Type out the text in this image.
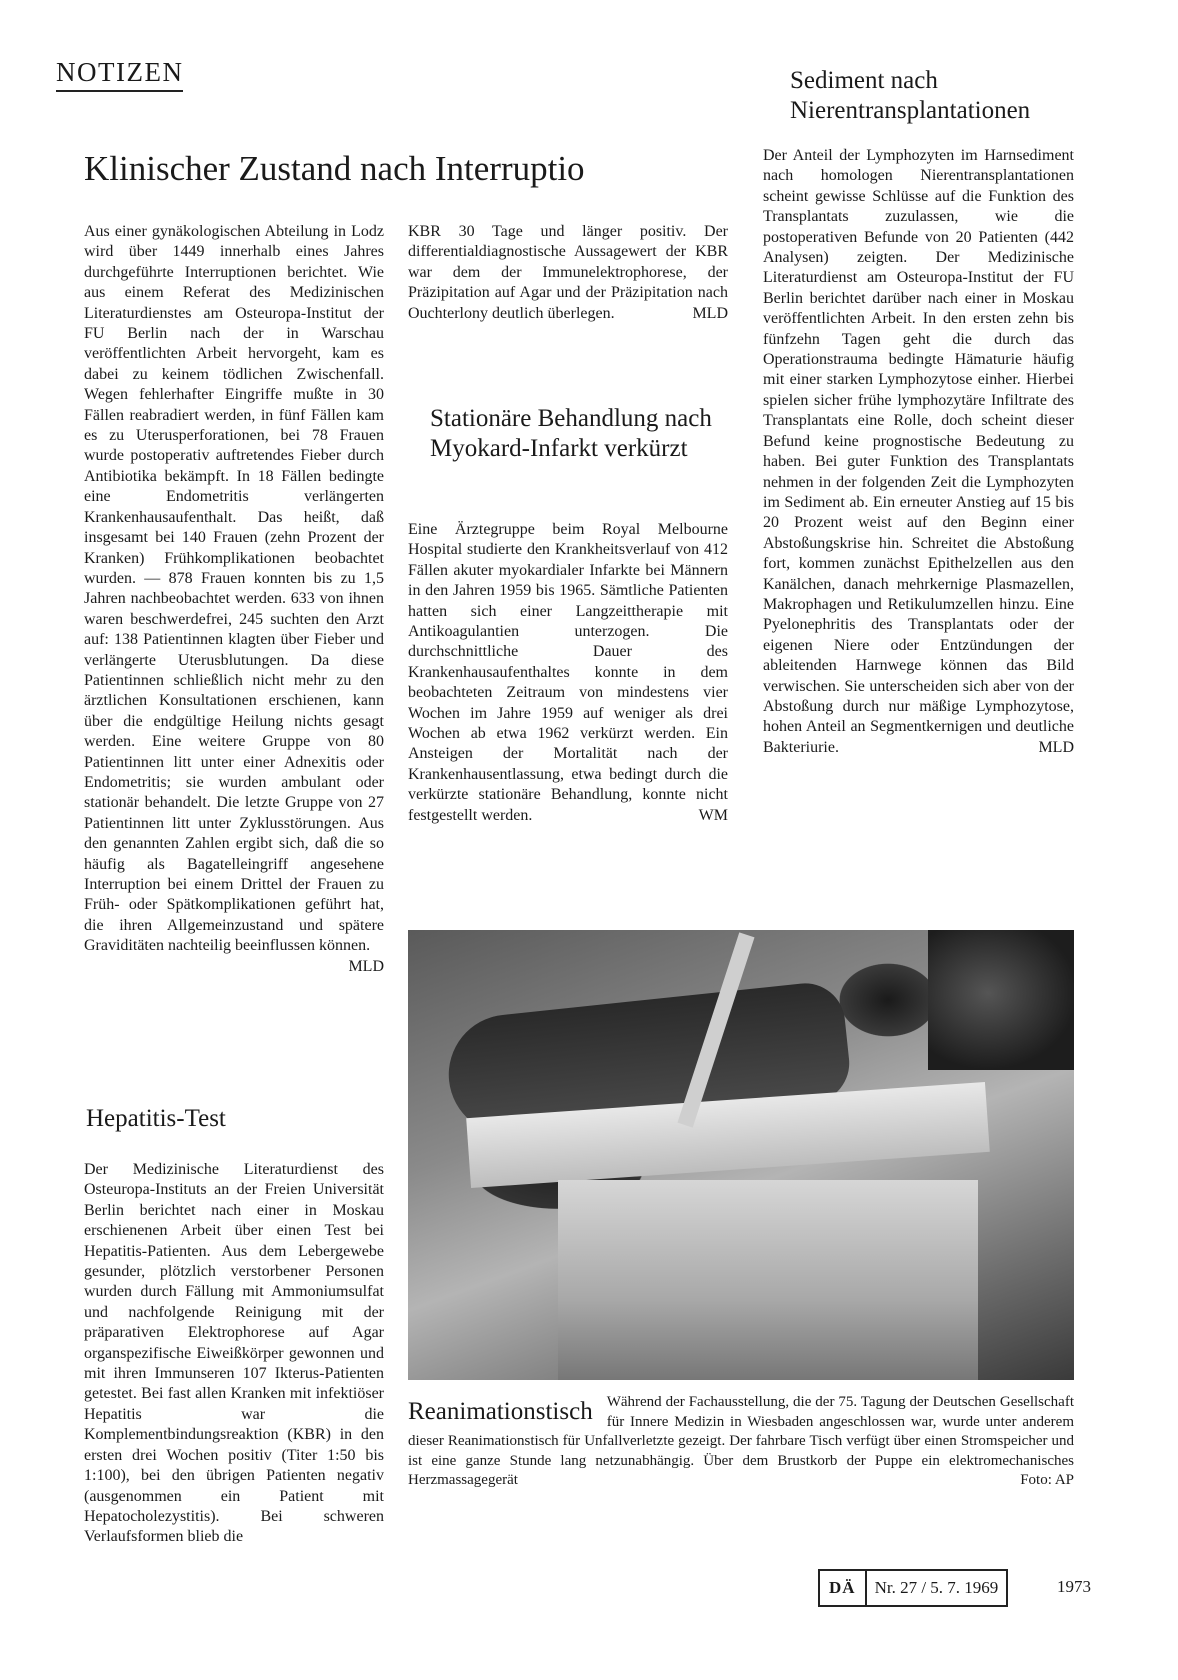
NOTIZEN	Sediment nach Nierentransplantationen
Der Anteil der Lymphozyten im Harnsediment nach homologen Nierentransplantationen scheint gewisse Schlüsse auf die Funktion des Transplantats zuzulassen, wie die postoperativen Befunde von 20 Patienten (442 Analysen) zeigten. Der Medizinische Literaturdienst am Osteuropa-Institut der FU Berlin berichtet darüber nach einer in Moskau veröffentlichten Arbeit. In den ersten zehn bis fünfzehn Tagen geht die durch das Operationstrauma bedingte Hämaturie häufig mit einer starken Lymphozytose einher. Hierbei spielen sicher frühe lymphozytäre Infiltrate des Transplantats eine Rolle, doch scheint dieser Befund keine prognostische Bedeutung zu haben. Bei guter Funktion des Transplantats nehmen in der folgenden Zeit die Lymphozyten im Sediment ab. Ein erneuter Anstieg auf 15 bis 20 Prozent weist auf den Beginn einer Abstoßungskrise hin. Schreitet die Abstoßung fort, kommen zunächst Epithelzellen aus den Kanälchen, danach mehrkernige Plasmazellen, Makrophagen und Retikulumzellen hinzu. Eine Pyelonephritis des Transplantats oder der eigenen Niere oder Entzündungen der ableitenden Harnwege können das Bild verwischen. Sie unterscheiden sich aber von der Abstoßung durch nur mäßige Lymphozytose, hohen Anteil an Segmentkernigen und deutliche Bakteriurie.	MLD
Klinischer Zustand nach Interruptio
Aus einer gynäkologischen Abteilung in Lodz wird über 1449 innerhalb eines Jahres durchgeführte Interruptionen berichtet. Wie aus einem Referat des Medizinischen Literaturdienstes am Osteuropa-Institut der FU Berlin nach der in Warschau veröffentlichten Arbeit hervorgeht, kam es dabei zu keinem tödlichen Zwischenfall. Wegen fehlerhafter Eingriffe mußte in 30 Fällen reabradiert werden, in fünf Fällen kam es zu Uterusperforationen, bei 78 Frauen wurde postoperativ auftretendes Fieber durch Antibiotika bekämpft. In 18 Fällen bedingte eine Endometritis verlängerten Krankenhausaufenthalt. Das heißt, daß insgesamt bei 140 Frauen (zehn Prozent der Kranken) Frühkomplikationen beobachtet wurden. — 878 Frauen konnten bis zu 1,5 Jahren nachbeobachtet werden. 633 von ihnen waren beschwerdefrei, 245 suchten den Arzt auf: 138 Patientinnen klagten über Fieber und verlängerte Uterusblutungen. Da diese Patientinnen schließlich nicht mehr zu den ärztlichen Konsultationen erschienen, kann über die endgültige Heilung nichts gesagt werden. Eine weitere Gruppe von 80 Patientinnen litt unter einer Adnexitis oder Endometritis; sie wurden ambulant oder stationär behandelt. Die letzte Gruppe von 27 Patientinnen litt unter Zyklusstörungen. Aus den genannten Zahlen ergibt sich, daß die so häufig als Bagatelleingriff angesehene Interruption bei einem Drittel der Frauen zu Früh- oder Spätkomplikationen geführt hat, die ihren Allgemeinzustand und spätere Graviditäten nachteilig beeinflussen können.
MLD
KBR 30 Tage und länger positiv. Der differentialdiagnostische Aussagewert der KBR war dem der Immunelektrophorese, der Präzipitation auf Agar und der Präzipitation nach Ouchterlony deutlich überlegen.	MLD
Stationäre Behandlung nach Myokard-Infarkt verkürzt
Eine Ärztegruppe beim Royal Melbourne Hospital studierte den Krankheitsverlauf von 412 Fällen akuter myokardialer Infarkte bei Männern in den Jahren 1959 bis 1965. Sämtliche Patienten hatten sich einer Langzeittherapie mit Antikoagulantien unterzogen. Die durchschnittliche Dauer des Krankenhausaufenthaltes konnte in dem beobachteten Zeitraum von mindestens vier Wochen im Jahre 1959 auf weniger als drei Wochen ab etwa 1962 verkürzt werden. Ein Ansteigen der Mortalität nach der Krankenhausentlassung, etwa bedingt durch die verkürzte stationäre Behandlung, konnte nicht festgestellt werden.	WM
Hepatitis-Test
Der Medizinische Literaturdienst des Osteuropa-Instituts an der Freien Universität Berlin berichtet nach einer in Moskau erschienenen Arbeit über einen Test bei Hepatitis-Patienten. Aus dem Lebergewebe gesunder, plötzlich verstorbener Personen wurden durch Fällung mit Ammoniumsulfat und nachfolgende Reinigung mit der präparativen Elektrophorese auf Agar organspezifische Eiweißkörper gewonnen und mit ihren Immunseren 107 Ikterus-Patienten getestet. Bei fast allen Kranken mit infektiöser Hepatitis war die Komplementbindungsreaktion (KBR) in den ersten drei Wochen positiv (Titer 1:50 bis 1:100), bei den übrigen Patienten negativ (ausgenommen ein Patient mit Hepatocholezystitis). Bei schweren Verlaufsformen blieb die
Reanimationstisch Während der Fachausstellung, die der 75. Tagung der Deutschen Gesellschaft für Innere Medizin in Wiesbaden angeschlossen war, wurde unter anderem dieser Reanimationstisch für Unfallverletzte gezeigt. Der fahrbare Tisch verfügt über einen Stromspeicher und ist eine ganze Stunde lang netzunabhängig. Über dem Brustkorb der Puppe ein elektromechanisches Herzmassagegerät	Foto: AP
DÄ	Nr. 27 / 5. 7. 1969	1973
